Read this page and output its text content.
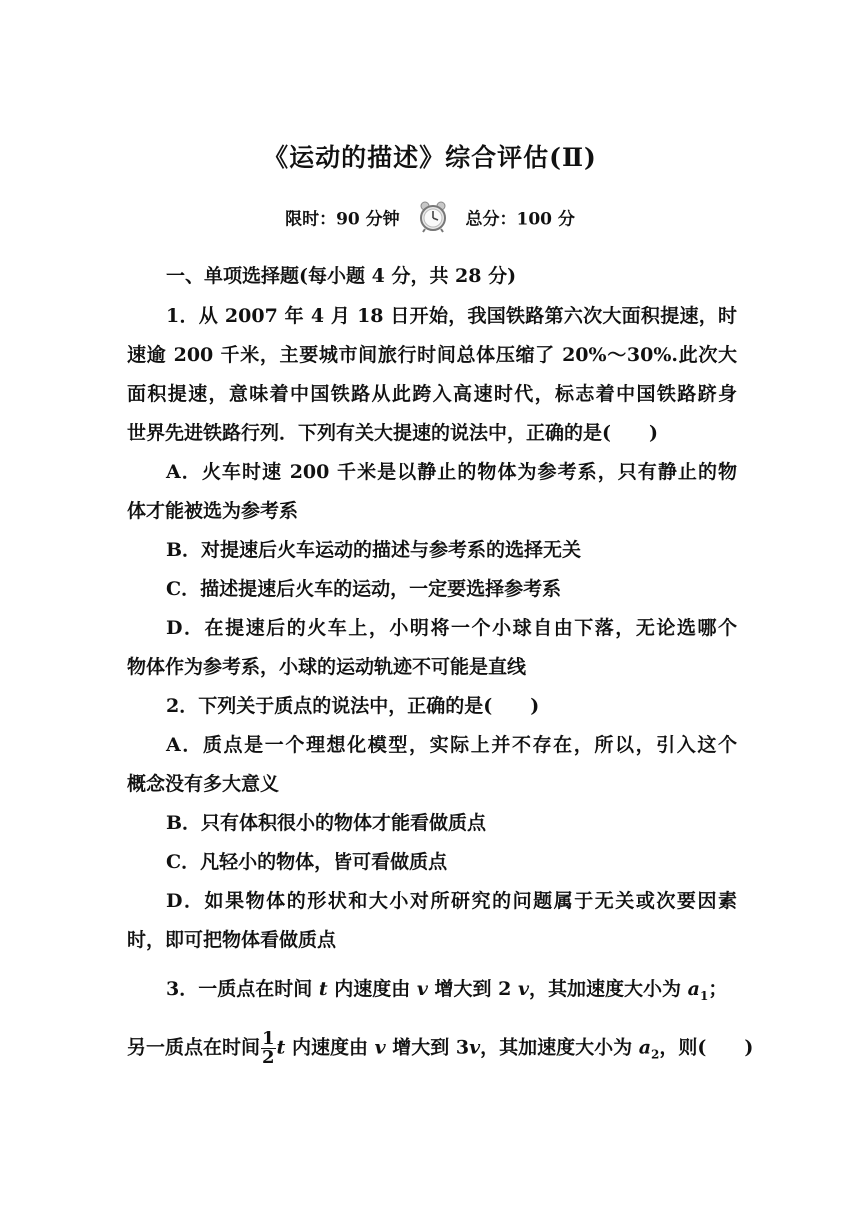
《运动的描述》综合评估(Ⅱ)
限时：90 分钟	总分：100 分
一、单项选择题(每小题 4 分，共 28 分)
1．从 2007 年 4 月 18 日开始，我国铁路第六次大面积提速，时
速逾 200 千米，主要城市间旅行时间总体压缩了 20%～30%.此次大
面积提速，意味着中国铁路从此跨入高速时代，标志着中国铁路跻身
世界先进铁路行列．下列有关大提速的说法中，正确的是(　　)
A．火车时速 200 千米是以静止的物体为参考系，只有静止的物
体才能被选为参考系
B．对提速后火车运动的描述与参考系的选择无关
C．描述提速后火车的运动，一定要选择参考系
D．在提速后的火车上，小明将一个小球自由下落，无论选哪个
物体作为参考系，小球的运动轨迹不可能是直线
2．下列关于质点的说法中，正确的是(　　)
A．质点是一个理想化模型，实际上并不存在，所以，引入这个
概念没有多大意义
B．只有体积很小的物体才能看做质点
C．凡轻小的物体，皆可看做质点
D．如果物体的形状和大小对所研究的问题属于无关或次要因素
时，即可把物体看做质点
3．一质点在时间 t 内速度由 v 增大到 2 v，其加速度大小为 $a_1$；
另一质点在时间 $\frac{1}{2}$ t 内速度由 v 增大到 3v，其加速度大小为 $a_2$，则(　　)
